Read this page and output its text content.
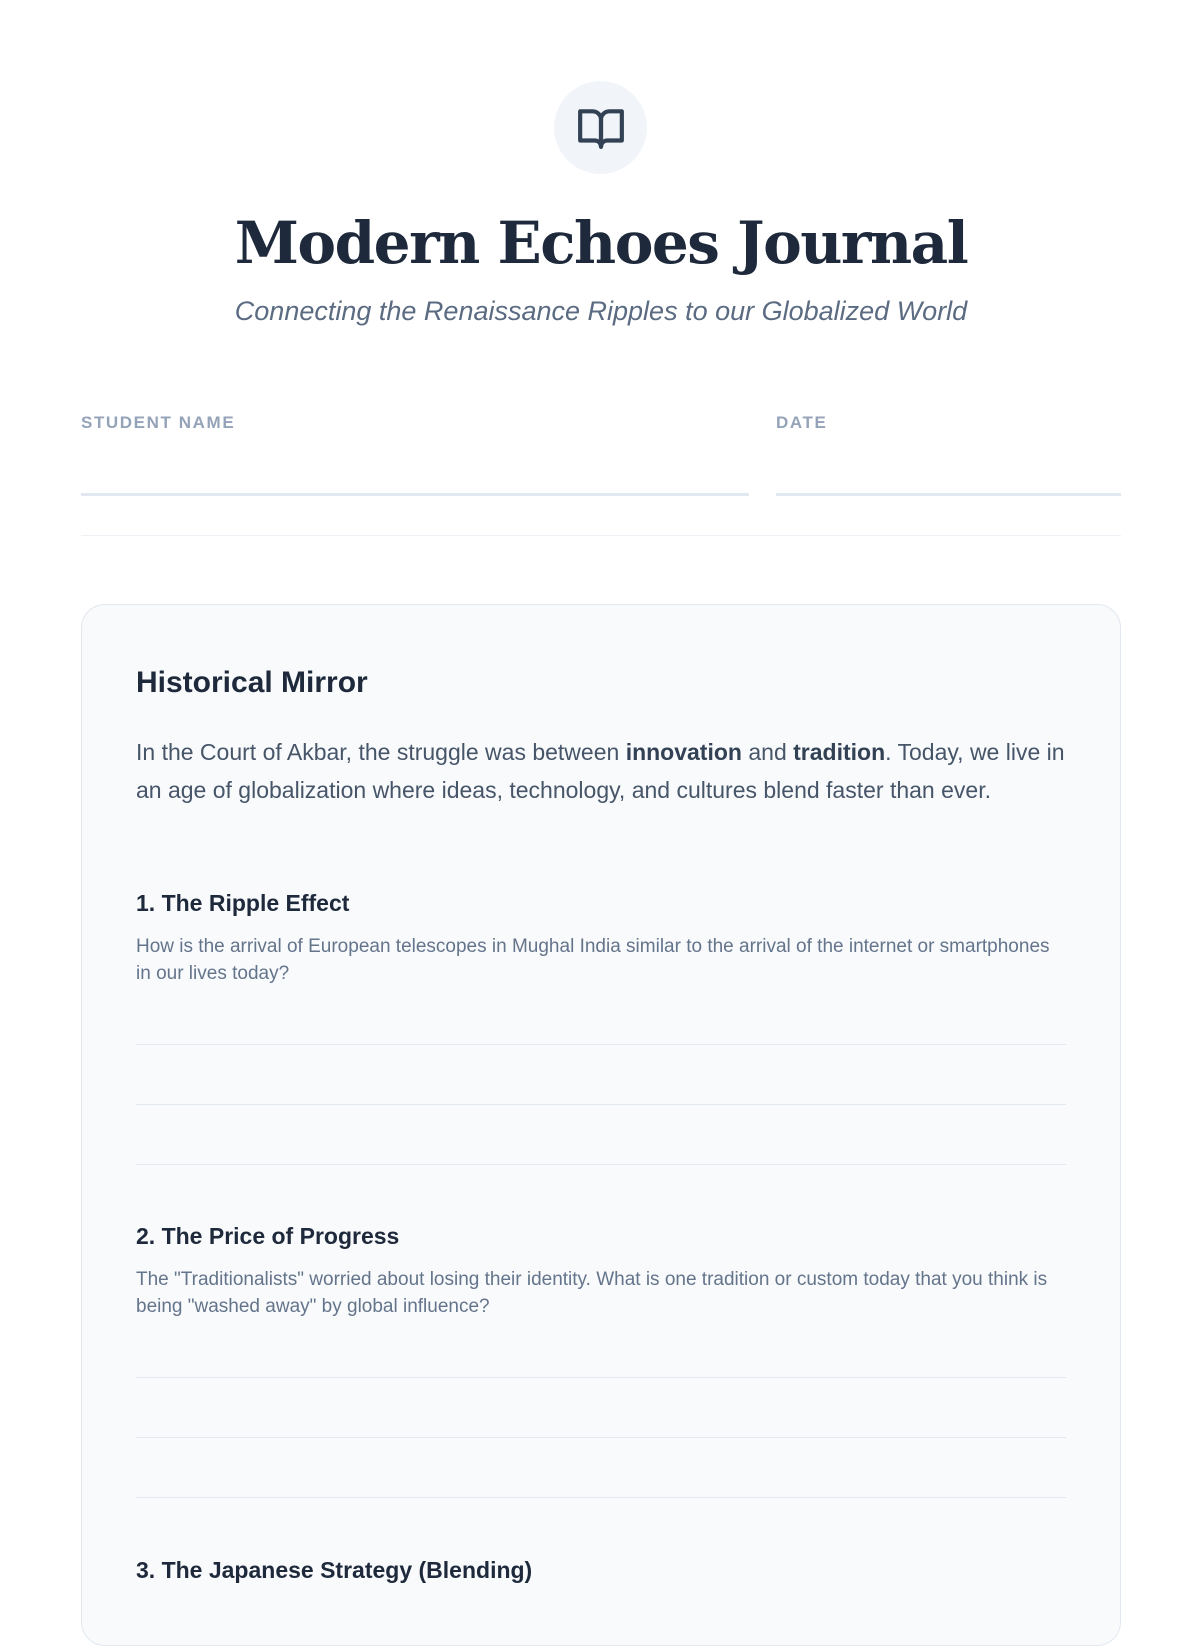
Modern Echoes Journal

Connecting the Renaissance Ripples to our Globalized World

STUDENT NAME	DATE
Historical Mirror

In the Court of Akbar, the struggle was between innovation and tradition. Today, we live in an age of globalization where ideas, technology, and cultures blend faster than ever.

1. The Ripple Effect

How is the arrival of European telescopes in Mughal India similar to the arrival of the internet or smartphones in our lives today?

2. The Price of Progress

The "Traditionalists" worried about losing their identity. What is one tradition or custom today that you think is being "washed away" by global influence?

3. The Japanese Strategy (Blending)
